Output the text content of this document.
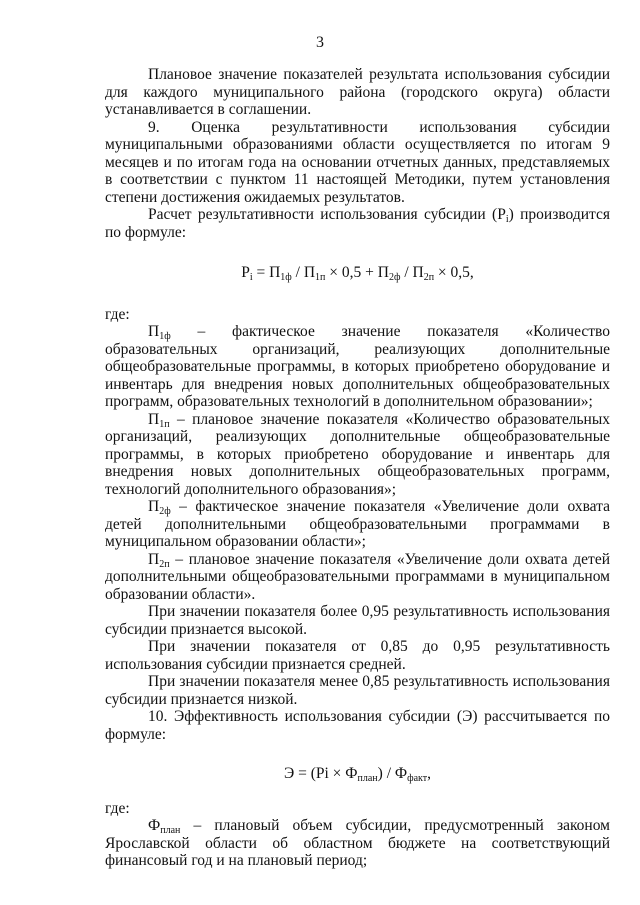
3

Плановое значение показателей результата использования субсидии для каждого муниципального района (городского округа) области устанавливается в соглашении.

9. Оценка результативности использования субсидии муниципальными образованиями области осуществляется по итогам 9 месяцев и по итогам года на основании отчетных данных, представляемых в соответствии с пунктом 11 настоящей Методики, путем установления степени достижения ожидаемых результатов.

Расчет результативности использования субсидии $(P_i)$ производится по формуле:

$P_i = П_{1ф} / П_{1п} \times 0,5 + П_{2ф} / П_{2п} \times 0,5$,

где:

$П_{1ф}$ – фактическое значение показателя «Количество образовательных организаций, реализующих дополнительные общеобразовательные программы, в которых приобретено оборудование и инвентарь для внедрения новых дополнительных общеобразовательных программ, образовательных технологий в дополнительном образовании»;

$П_{1п}$ – плановое значение показателя «Количество образовательных организаций, реализующих дополнительные общеобразовательные программы, в которых приобретено оборудование и инвентарь для внедрения новых дополнительных общеобразовательных программ, технологий дополнительного образования»;

$П_{2ф}$ – фактическое значение показателя «Увеличение доли охвата детей дополнительными общеобразовательными программами в муниципальном образовании области»;

$П_{2п}$ – плановое значение показателя «Увеличение доли охвата детей дополнительными общеобразовательными программами в муниципальном образовании области».

При значении показателя более 0,95 результативность использования субсидии признается высокой.

При значении показателя от 0,85 до 0,95 результативность использования субсидии признается средней.

При значении показателя менее 0,85 результативность использования субсидии признается низкой.

10. Эффективность использования субсидии (Э) рассчитывается по формуле:

$Э = (Pi \times Ф_{план}) / Ф_{факт}$,

где:

$Ф_{план}$ – плановый объем субсидии, предусмотренный законом Ярославской области об областном бюджете на соответствующий финансовый год и на плановый период;
